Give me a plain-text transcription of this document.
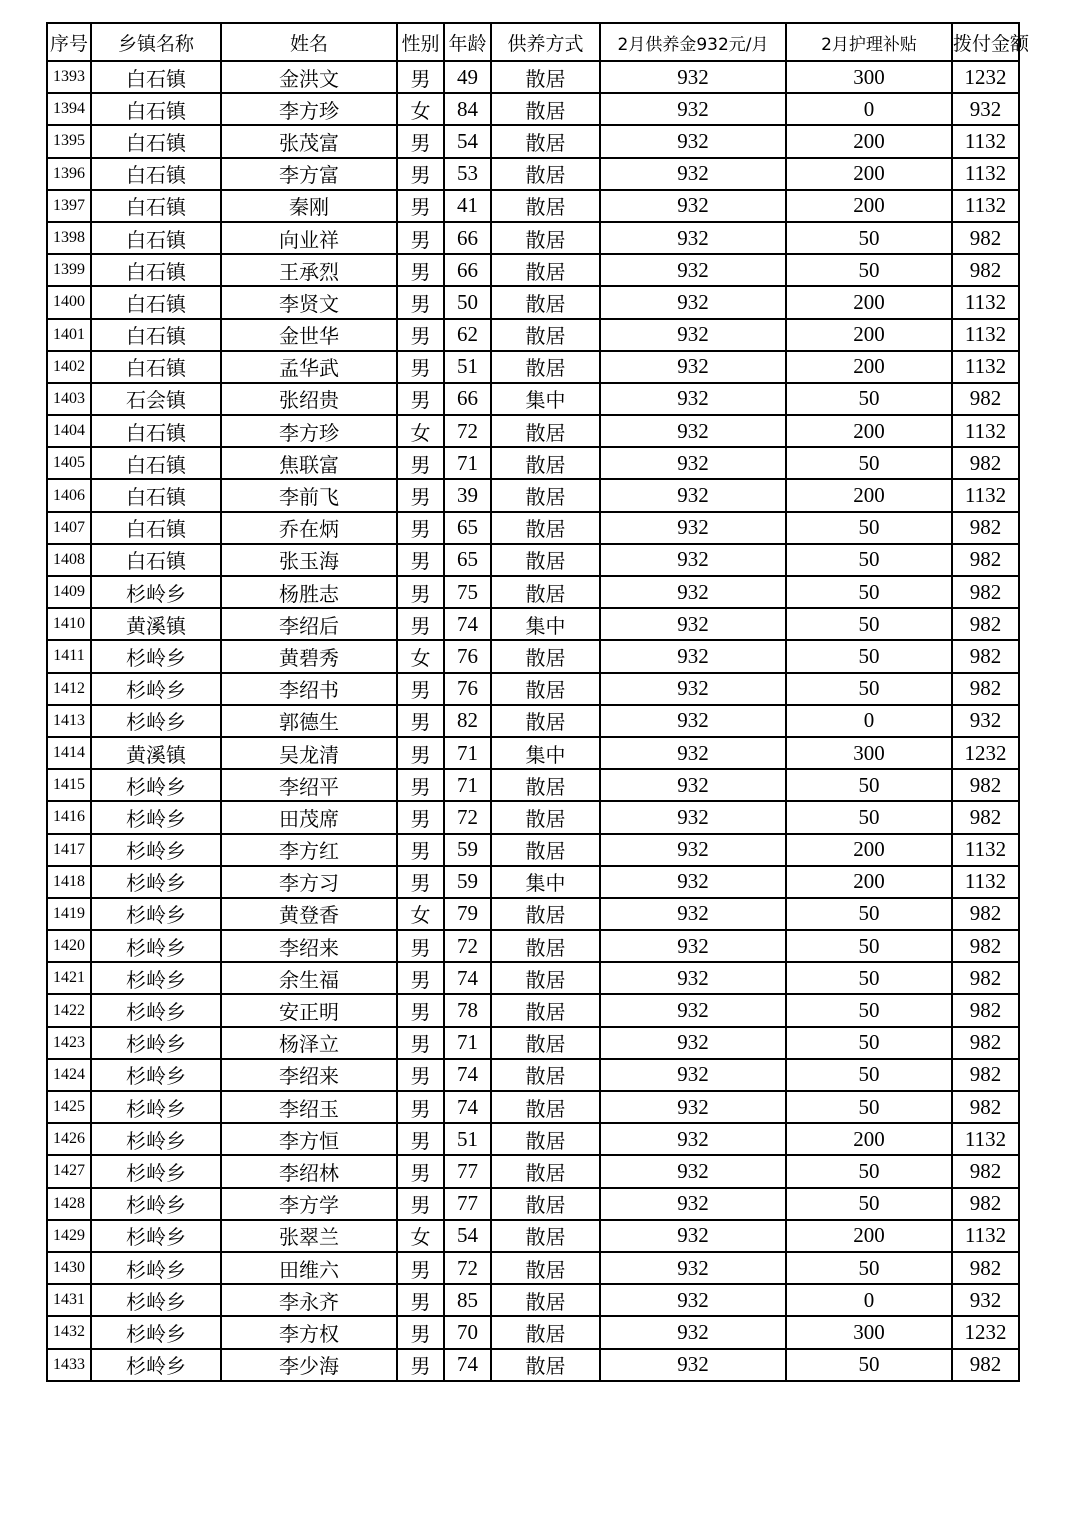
序号	乡镇名称	姓名	性别	年龄	供养方式	2月供养金932元/月	2月护理补贴	拨付金额
1393	白石镇	金洪文	男	49	散居	932	300	1232
1394	白石镇	李方珍	女	84	散居	932	0	932
1395	白石镇	张茂富	男	54	散居	932	200	1132
1396	白石镇	李方富	男	53	散居	932	200	1132
1397	白石镇	秦刚	男	41	散居	932	200	1132
1398	白石镇	向业祥	男	66	散居	932	50	982
1399	白石镇	王承烈	男	66	散居	932	50	982
1400	白石镇	李贤文	男	50	散居	932	200	1132
1401	白石镇	金世华	男	62	散居	932	200	1132
1402	白石镇	孟华武	男	51	散居	932	200	1132
1403	石会镇	张绍贵	男	66	集中	932	50	982
1404	白石镇	李方珍	女	72	散居	932	200	1132
1405	白石镇	焦联富	男	71	散居	932	50	982
1406	白石镇	李前飞	男	39	散居	932	200	1132
1407	白石镇	乔在炳	男	65	散居	932	50	982
1408	白石镇	张玉海	男	65	散居	932	50	982
1409	杉岭乡	杨胜志	男	75	散居	932	50	982
1410	黄溪镇	李绍后	男	74	集中	932	50	982
1411	杉岭乡	黄碧秀	女	76	散居	932	50	982
1412	杉岭乡	李绍书	男	76	散居	932	50	982
1413	杉岭乡	郭德生	男	82	散居	932	0	932
1414	黄溪镇	吴龙清	男	71	集中	932	300	1232
1415	杉岭乡	李绍平	男	71	散居	932	50	982
1416	杉岭乡	田茂席	男	72	散居	932	50	982
1417	杉岭乡	李方红	男	59	散居	932	200	1132
1418	杉岭乡	李方习	男	59	集中	932	200	1132
1419	杉岭乡	黄登香	女	79	散居	932	50	982
1420	杉岭乡	李绍来	男	72	散居	932	50	982
1421	杉岭乡	余生福	男	74	散居	932	50	982
1422	杉岭乡	安正明	男	78	散居	932	50	982
1423	杉岭乡	杨泽立	男	71	散居	932	50	982
1424	杉岭乡	李绍来	男	74	散居	932	50	982
1425	杉岭乡	李绍玉	男	74	散居	932	50	982
1426	杉岭乡	李方恒	男	51	散居	932	200	1132
1427	杉岭乡	李绍林	男	77	散居	932	50	982
1428	杉岭乡	李方学	男	77	散居	932	50	982
1429	杉岭乡	张翠兰	女	54	散居	932	200	1132
1430	杉岭乡	田维六	男	72	散居	932	50	982
1431	杉岭乡	李永齐	男	85	散居	932	0	932
1432	杉岭乡	李方权	男	70	散居	932	300	1232
1433	杉岭乡	李少海	男	74	散居	932	50	982
